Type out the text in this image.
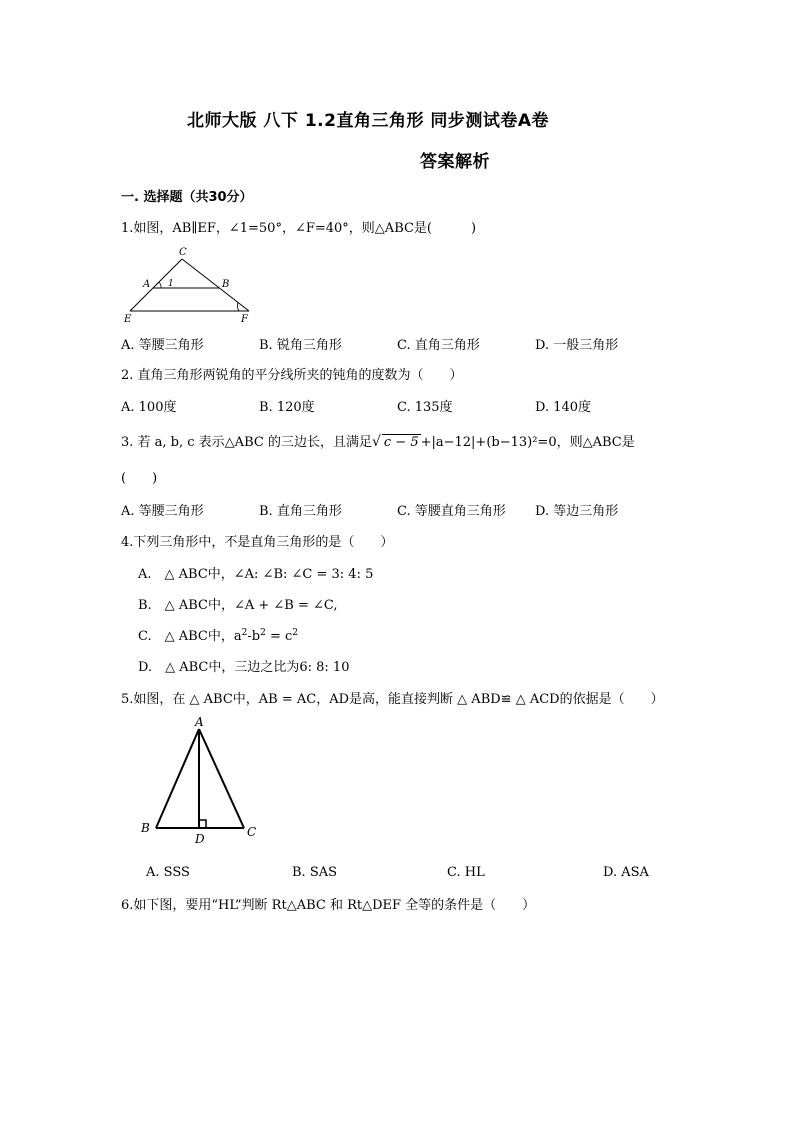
北师大版 八下 1.2直角三角形 同步测试卷A卷
答案解析
一. 选择题（共30分）
1.如图，AB∥EF，∠1=50°，∠F=40°，则△ABC是(　　　)
C
A 1	B
E	F
A. 等腰三角形	B. 锐角三角形	C. 直角三角形	D. 一般三角形
2. 直角三角形两锐角的平分线所夹的钝角的度数为（　　）
A. 100度	B. 120度	C. 135度	D. 140度
3. 若 a, b, c 表示△ABC 的三边长，且满足√ c − 5 +|a−12|+(b−13)²=0，则△ABC是
(　　)
A. 等腰三角形	B. 直角三角形	C. 等腰直角三角形 D. 等边三角形
4.下列三角形中，不是直角三角形的是（　　）
A.　△ ABC中，∠A: ∠B: ∠C = 3: 4: 5
B.　△ ABC中，∠A + ∠B = ∠C,
C.　△ ABC中，$a^2-b^2 = c^2$
D.　△ ABC中，三边之比为6: 8: 10
5.如图，在 △ ABC中，AB = AC，AD是高，能直接判断 △ ABD≌ △ ACD的依据是（　　）
A
B
D	C
A. SSS	B. SAS	C. HL	D. ASA
6.如下图，要用“HL”判断 Rt△ABC 和 Rt△DEF 全等的条件是（　　）
